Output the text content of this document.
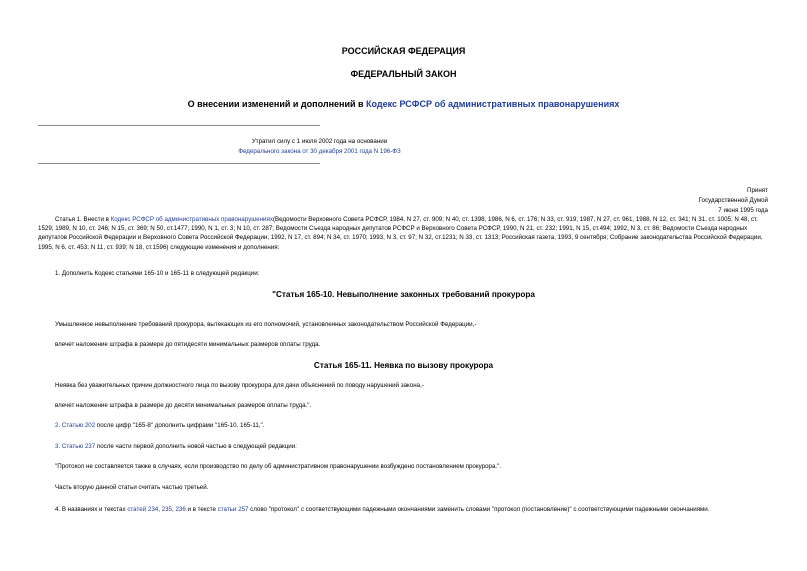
РОССИЙСКАЯ ФЕДЕРАЦИЯ
ФЕДЕРАЛЬНЫЙ ЗАКОН
О внесении изменений и дополнений в Кодекс РСФСР об административных правонарушениях
Утратил силу с 1 июля 2002 года на основании
Федерального закона от 30 декабря 2001 года N 196-ФЗ
Принят
Государственной Думой
7 июня 1995 года
Статья 1. Внести в Кодекс РСФСР об административных правонарушениях(Ведомости Верховного Совета РСФСР, 1984, N 27, ст. 909; N 40, ст. 1398, 1986, N 6, ст. 176; N 33, ст. 919; 1987, N 27, ст. 961, 1988, N 12, ст. 341; N 31, ст. 1005; N 48, ст. 1529; 1989, N 10, ст. 246; N 15, ст. 369; N 50, ст.1477; 1990, N 1, ст. 3; N 10, ст. 287; Ведомости Съезда народных депутатов РСФСР и Верховного Совета РСФСР, 1990, N 21, ст. 232; 1991, N 15, ст.494; 1992, N 3, ст. 86; Ведомости Съезда народных депутатов Российской Федерации и Верховного Совета Российской Федерации, 1992, N 17, ст. 894; N 34, ст. 1970; 1993, N 3, ст. 97; N 32, ст.1231; N 33, ст. 1313; Российская газета, 1993, 9 сентября; Собрание законодательства Российской Федерации, 1995, N 6, ст. 453; N 11, ст. 939; N 18, ст.1596) следующие изменения и дополнения:
1. Дополнить Кодекс статьями 165-10 и 165-11 в следующей редакции:
"Статья 165-10. Невыполнение законных требований прокурора
Умышленное невыполнение требований прокурора, вытекающих из его полномочий, установленных законодательством Российской Федерации,-
влечет наложение штрафа в размере до пятидесяти минимальных размеров оплаты труда.
Статья 165-11. Неявка по вызову прокурора
Неявка без уважительных причин должностного лица по вызову прокурора для дачи объяснений по поводу нарушений закона,-
влечет наложение штрафа в размере до десяти минимальных размеров оплаты труда.".
2. Статью 202 после цифр "165-8" дополнить цифрами "165-10, 165-11,".
3. Статью 237 после части первой дополнить новой частью в следующей редакции:
"Протокол не составляется также в случаях, если производство по делу об административном правонарушении возбуждено постановлением прокурора.".
Часть вторую данной статьи считать частью третьей.
4. В названиях и текстах статей 234, 235, 236 и в тексте статьи 257 слово "протокол" с соответствующими падежными окончаниями заменить словами "протокол (постановление)" с соответствующими падежными окончаниями.
